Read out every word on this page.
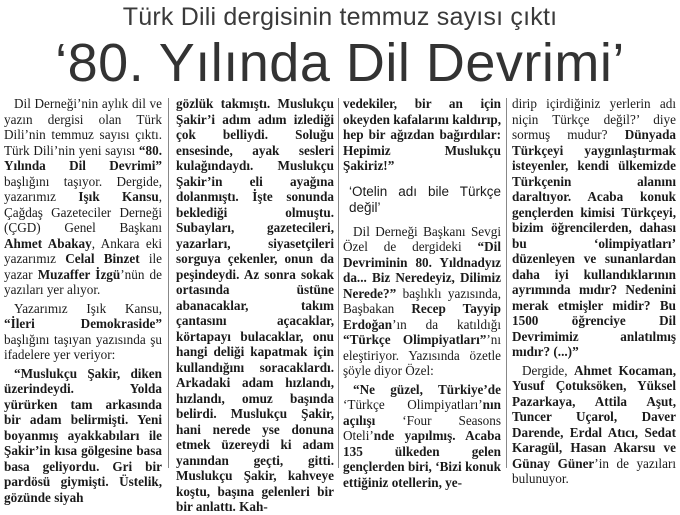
Türk Dili dergisinin temmuz sayısı çıktı
‘80. Yılında Dil Devrimi’

Dil Derneği’nin aylık dil ve yazın dergisi olan Türk Dili’nin temmuz sayısı çıktı. Türk Dili’nin yeni sayısı “80. Yılında Dil Devrimi” başlığını taşıyor. Dergide, yazarımız Işık Kansu, Çağdaş Gazeteciler Derneği (ÇGD) Genel Başkanı Ahmet Abakay, Ankara eki yazarımız Celal Binzet ile yazar Muzaffer İzgü’nün de yazıları yer alıyor.

Yazarımız Işık Kansu, “İleri Demokraside” başlığını taşıyan yazısında şu ifadelere yer veriyor:

“Muslukçu Şakir, diken üzerindeydi. Yolda yürürken tam arkasında bir adam belirmişti. Yeni boyanmış ayakkabıları ile Şakir’in kısa gölgesine basa basa geliyordu. Gri bir pardösü giymişti. Üstelik, gözünde siyah

gözlük takmıştı. Muslukçu Şakir’i adım adım izlediği çok belliydi. Soluğu ensesinde, ayak sesleri kulağındaydı. Muslukçu Şakir’in eli ayağına dolanmıştı. İşte sonunda beklediği olmuştu. Subayları, gazetecileri, yazarları, siyasetçileri sorguya çekenler, onun da peşindeydi. Az sonra sokak ortasında üstüne abanacaklar, takım çantasını açacaklar, körtapayı bulacaklar, onu hangi deliği kapatmak için kullandığını soracaklardı. Arkadaki adam hızlandı, hızlandı, omuz başında belirdi. Muslukçu Şakir, hani nerede yse donuna etmek üzereydi ki adam yanından geçti, gitti. Muslukçu Şakir, kahveye koştu, başına gelenleri bir bir anlattı. Kah-

vedekiler, bir an için okeyden kafalarını kaldırıp, hep bir ağızdan bağırdılar: Hepimiz Muslukçu Şakiriz!”

‘Otelin adı bile Türkçe değil’

Dil Derneği Başkanı Sevgi Özel de dergideki “Dil Devriminin 80. Yıldnadyız da... Biz Neredeyiz, Dilimiz Nerede?” başlıklı yazısında, Başbakan Recep Tayyip Erdoğan’ın da katıldığı “Türkçe Olimpiyatları”’nı eleştiriyor. Yazısında özetle şöyle diyor Özel:

“Ne güzel, Türkiye’de ‘Türkçe Olimpiyatları’nın açılışı ‘Four Seasons Oteli’nde yapılmış. Acaba 135 ülkeden gelen gençlerden biri, ‘Bizi konuk ettiğiniz otellerin, ye-

dirip içirdiğiniz yerlerin adı niçin Türkçe değil?’ diye sormuş mudur? Dünyada Türkçeyi yaygınlaştırmak isteyenler, kendi ülkemizde Türkçenin alanını daraltıyor. Acaba konuk gençlerden kimisi Türkçeyi, bizim öğrencilerden, dahası bu ‘olimpiyatları’ düzenleyen ve sunanlardan daha iyi kullandıklarının ayrımında mıdır? Nedenini merak etmişler midir? Bu 1500 öğrenciye Dil Devrimimiz anlatılmış mıdır? (...)”

Dergide, Ahmet Kocaman, Yusuf Çotuksöken, Yüksel Pazarkaya, Attila Aşut, Tuncer Uçarol, Daver Darende, Erdal Atıcı, Sedat Karagül, Hasan Akarsu ve Günay Güner’in de yazıları bulunuyor.
